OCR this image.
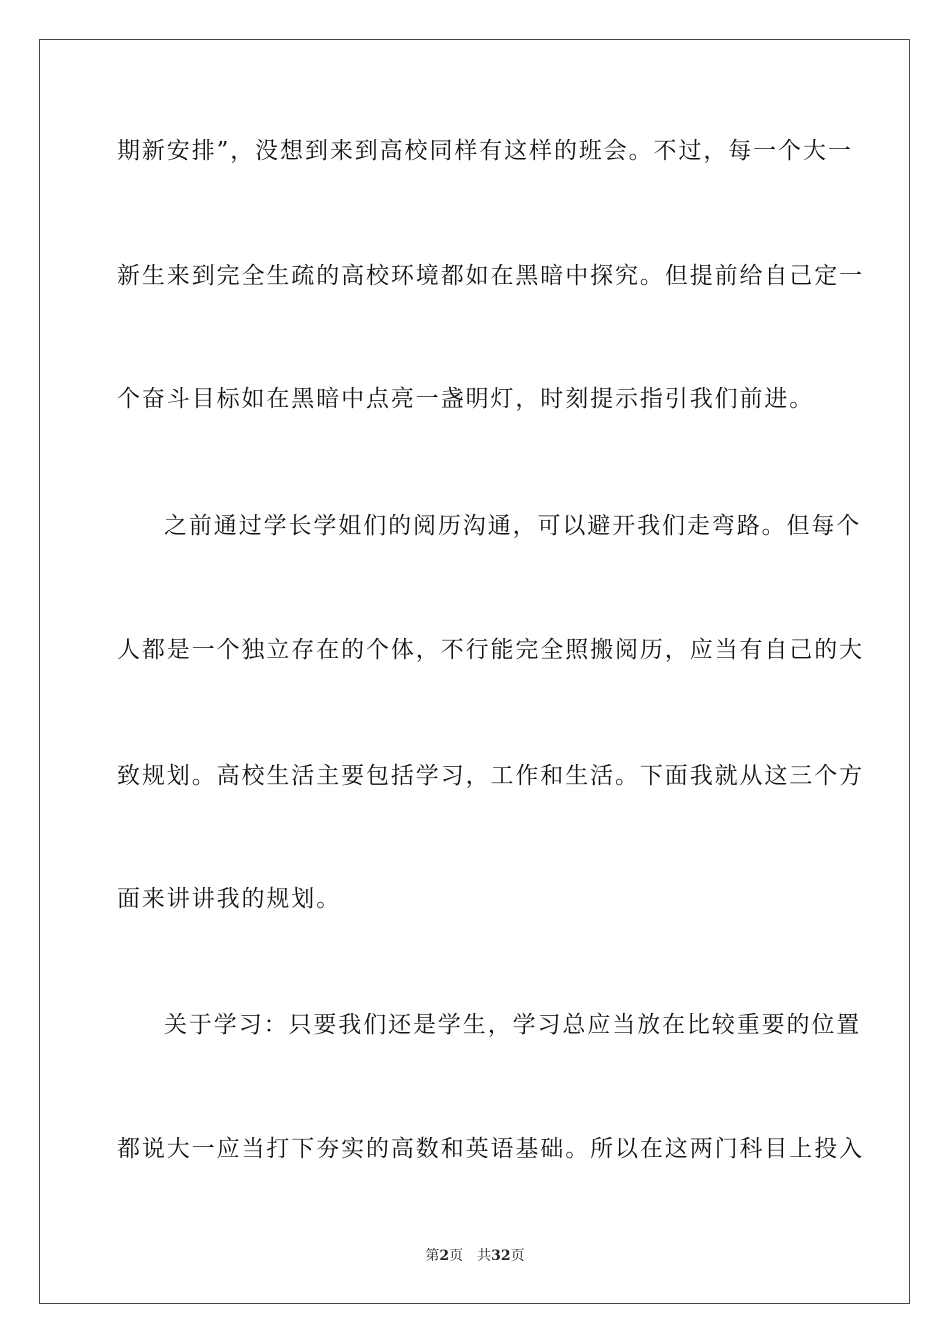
期新安排”，没想到来到高校同样有这样的班会。不过，每一个大一
新生来到完全生疏的高校环境都如在黑暗中探究。但提前给自己定一
个奋斗目标如在黑暗中点亮一盏明灯，时刻提示指引我们前进。
之前通过学长学姐们的阅历沟通，可以避开我们走弯路。但每个
人都是一个独立存在的个体，不行能完全照搬阅历，应当有自己的大
致规划。高校生活主要包括学习，工作和生活。下面我就从这三个方
面来讲讲我的规划。
关于学习：只要我们还是学生，学习总应当放在比较重要的位置
都说大一应当打下夯实的高数和英语基础。所以在这两门科目上投入
第2页 共32页
